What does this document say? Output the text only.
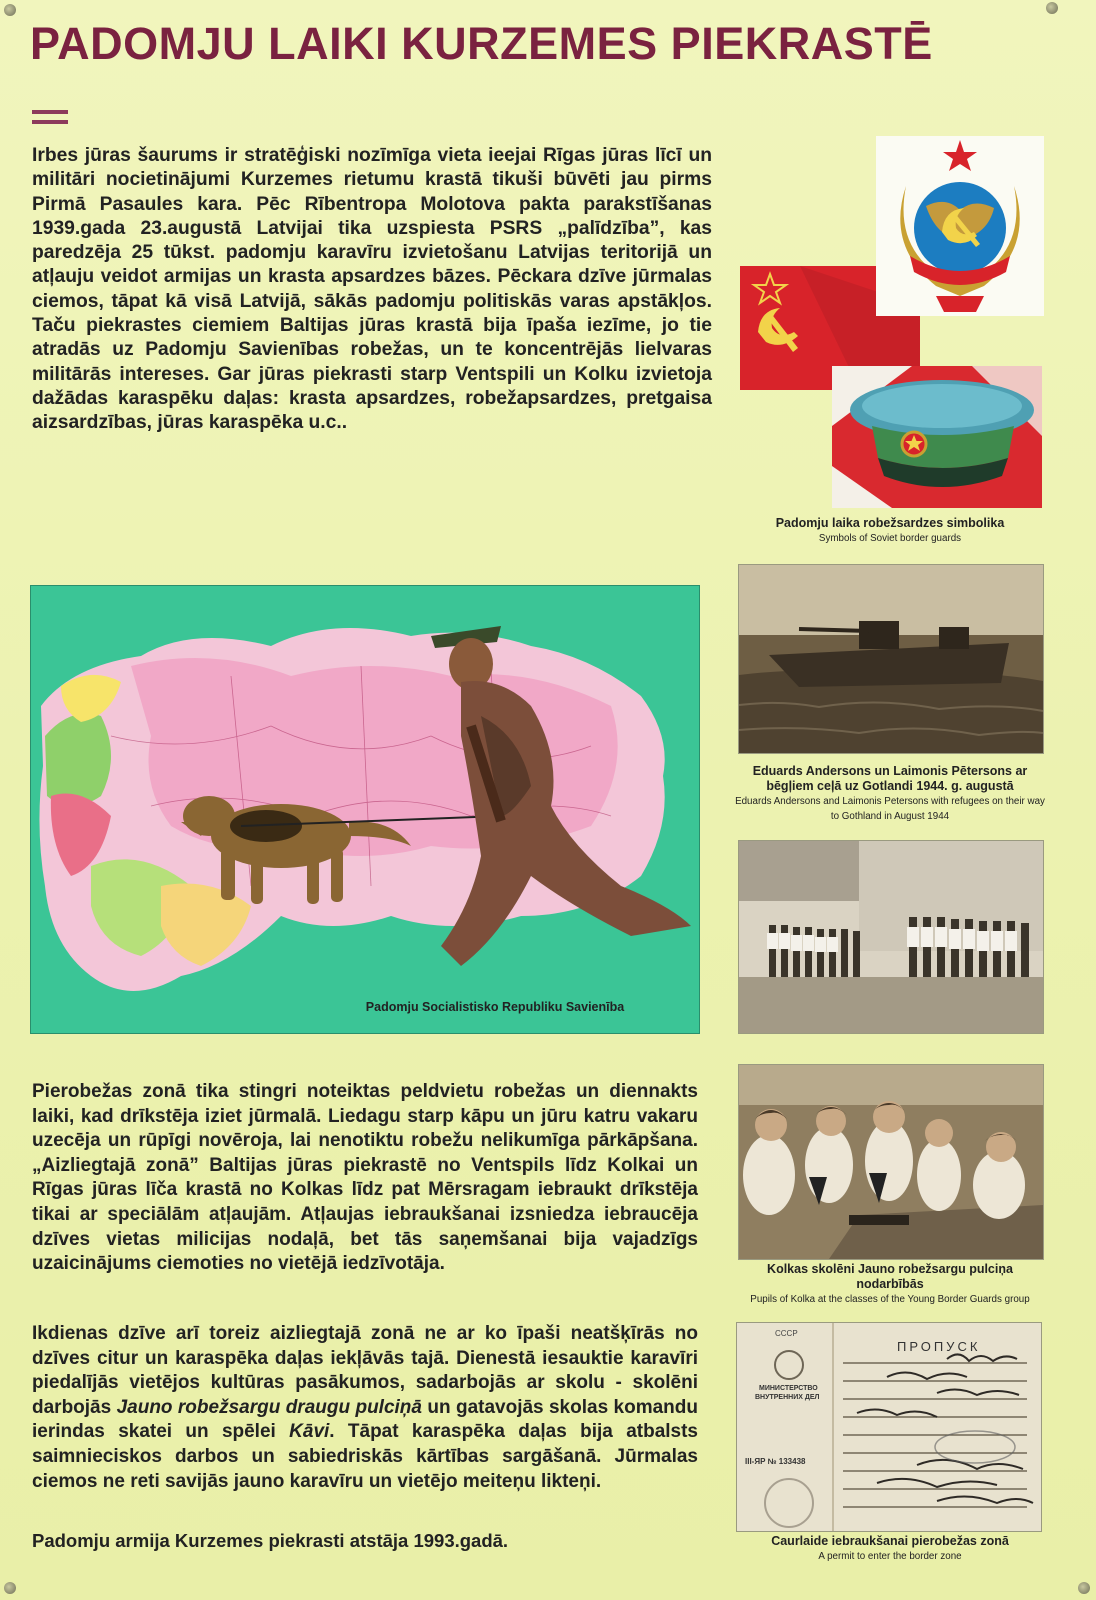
PADOMJU LAIKI KURZEMES PIEKRASTĒ
Irbes jūras šaurums ir stratēģiski nozīmīga vieta ieejai Rīgas jūras līcī un militāri nocietinājumi Kurzemes rietumu krastā tikuši būvēti jau pirms Pirmā Pasaules kara. Pēc Rībentropa Molotova pakta parakstīšanas 1939.gada 23.augustā Latvijai tika uzspiesta PSRS „palīdzība”, kas paredzēja 25 tūkst. padomju karavīru izvietošanu Latvijas teritorijā un atļauju veidot armijas un krasta apsardzes bāzes. Pēckara dzīve jūrmalas ciemos, tāpat kā visā Latvijā, sākās padomju politiskās varas apstākļos. Taču piekrastes ciemiem Baltijas jūras krastā bija īpaša iezīme, jo tie atradās uz Padomju Savienības robežas, un te koncentrējās lielvaras militārās intereses. Gar jūras piekrasti starp Ventspili un Kolku izvietoja dažādas karaspēku daļas: krasta apsardzes, robežapsardzes, pretgaisa aizsardzības, jūras karaspēka u.c..
Padomju laika robežsardzes simbolika
Symbols of Soviet border guards
Padomju Socialistisko Republiku Savienība
Eduards Andersons un Laimonis Pētersons ar bēgļiem ceļā uz Gotlandi 1944. g. augustā
Eduards Andersons and Laimonis Petersons with refugees on their way to Gothland in August 1944
Kolkas skolēni Jauno robežsargu pulciņa nodarbībās
Pupils of Kolka at the classes of the Young Border Guards group
СССР
МИНИСТЕРСТВО
ВНУТРЕННИХ ДЕЛ
ПРОПУСК
III-ЯР № 133438
Caurlaide iebraukšanai pierobežas zonā
A permit to enter the border zone
Pierobežas zonā tika stingri noteiktas peldvietu robežas un diennakts laiki, kad drīkstēja iziet jūrmalā. Liedagu starp kāpu un jūru katru vakaru uzecēja un rūpīgi novēroja, lai nenotiktu robežu nelikumīga pārkāpšana. „Aizliegtajā zonā” Baltijas jūras piekrastē no Ventspils līdz Kolkai un Rīgas jūras līča krastā no Kolkas līdz pat Mērsragam iebraukt drīkstēja tikai ar speciālām atļaujām. Atļaujas iebraukšanai izsniedza iebraucēja dzīves vietas milicijas nodaļā, bet tās saņemšanai bija vajadzīgs uzaicinājums ciemoties no vietējā iedzīvotāja.
Ikdienas dzīve arī toreiz aizliegtajā zonā ne ar ko īpaši neatšķīrās no dzīves citur un karaspēka daļas iekļāvās tajā. Dienestā iesauktie karavīri piedalījās vietējos kultūras pasākumos, sadarbojās ar skolu - skolēni darbojās Jauno robežsargu draugu pulciņā un gatavojās skolas komandu ierindas skatei un spēlei Kāvi. Tāpat karaspēka daļas bija atbalsts saimnieciskos darbos un sabiedriskās kārtības sargāšanā. Jūrmalas ciemos ne reti savijās jauno karavīru un vietējo meiteņu likteņi.
Padomju armija Kurzemes piekrasti atstāja 1993.gadā.
